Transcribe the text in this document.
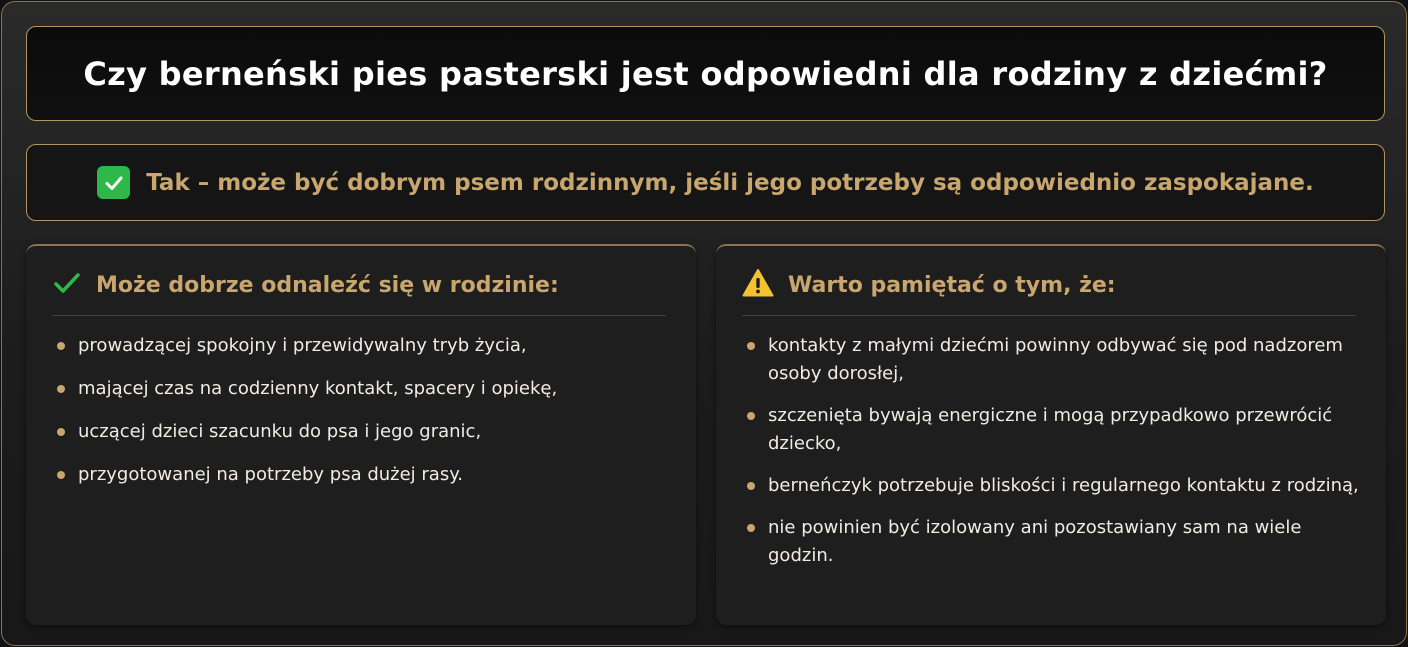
Czy berneński pies pasterski jest odpowiedni dla rodziny z dziećmi?
Tak – może być dobrym psem rodzinnym, jeśli jego potrzeby są odpowiednio zaspokajane.
Może dobrze odnaleźć się w rodzinie:
prowadzącej spokojny i przewidywalny tryb życia,
mającej czas na codzienny kontakt, spacery i opiekę,
uczącej dzieci szacunku do psa i jego granic,
przygotowanej na potrzeby psa dużej rasy.
Warto pamiętać o tym, że:
kontakty z małymi dziećmi powinny odbywać się pod nadzorem osoby dorosłej,
szczenięta bywają energiczne i mogą przypadkowo przewrócić dziecko,
berneńczyk potrzebuje bliskości i regularnego kontaktu z rodziną,
nie powinien być izolowany ani pozostawiany sam na wiele godzin.
